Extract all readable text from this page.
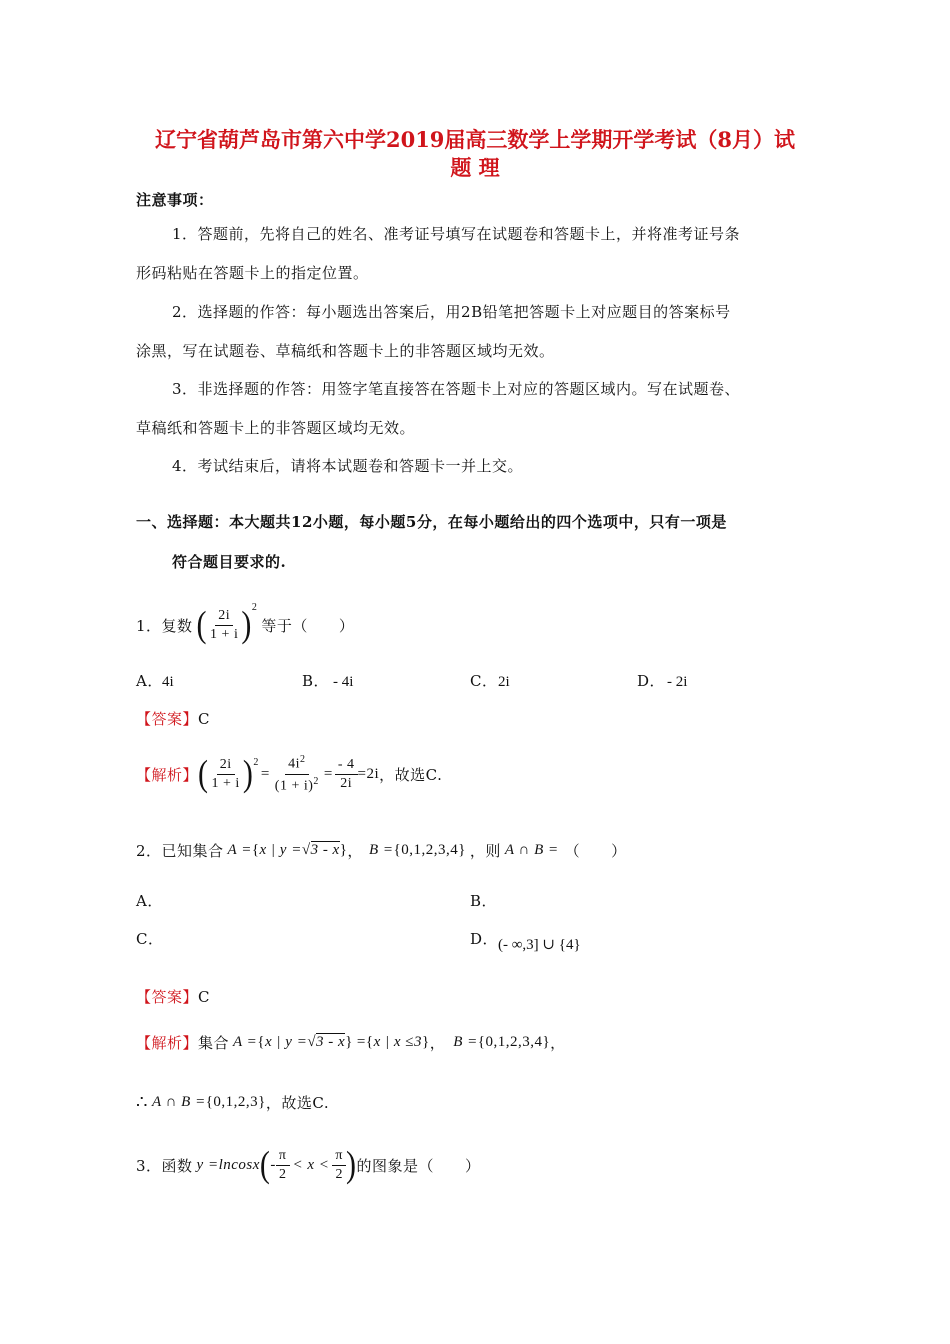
辽宁省葫芦岛市第六中学2019届高三数学上学期开学考试（8月）试
题 理
注意事项：
1．答题前，先将自己的姓名、准考证号填写在试题卷和答题卡上，并将准考证号条
形码粘贴在答题卡上的指定位置。
2．选择题的作答：每小题选出答案后，用2B铅笔把答题卡上对应题目的答案标号
涂黑，写在试题卷、草稿纸和答题卡上的非答题区域均无效。
3．非选择题的作答：用签字笔直接答在答题卡上对应的答题区域内。写在试题卷、
草稿纸和答题卡上的非答题区域均无效。
4．考试结束后，请将本试题卷和答题卡一并上交。
一、选择题：本大题共12小题，每小题5分，在每小题给出的四个选项中，只有一项是
符合题目要求的.
1．复数 ( $\frac{2i}{1 + i} )^2$
等于（　　）
A． 4i	B． - 4i	C． 2i	D． - 2i
【答案】C
【解析】 ( $\frac{2i}{1 + i} )^2$
= $\frac{4i^2}{(1 + i)^2} = \frac{- 4}{2i} =2i$ ，故选C.
2．已知集合 A = {x | y =√3 - x} ， B = {0,1,2,3,4} ，则 A ∩ B = （　　）
A．	B．
C．	D． (- ∞,3] ∪ {4}
【答案】C
【解析】 集合 A = {x | y =√3 - x} = {x | x ≤3} ， B = {0,1,2,3,4} ，
∴ A ∩ B = {0,1,2,3} ，故选C.
3．函数 y =lncos x ( - $\frac{\pi}{2} < x < \frac{\pi}{2}$ ) 的图象是（　　）
